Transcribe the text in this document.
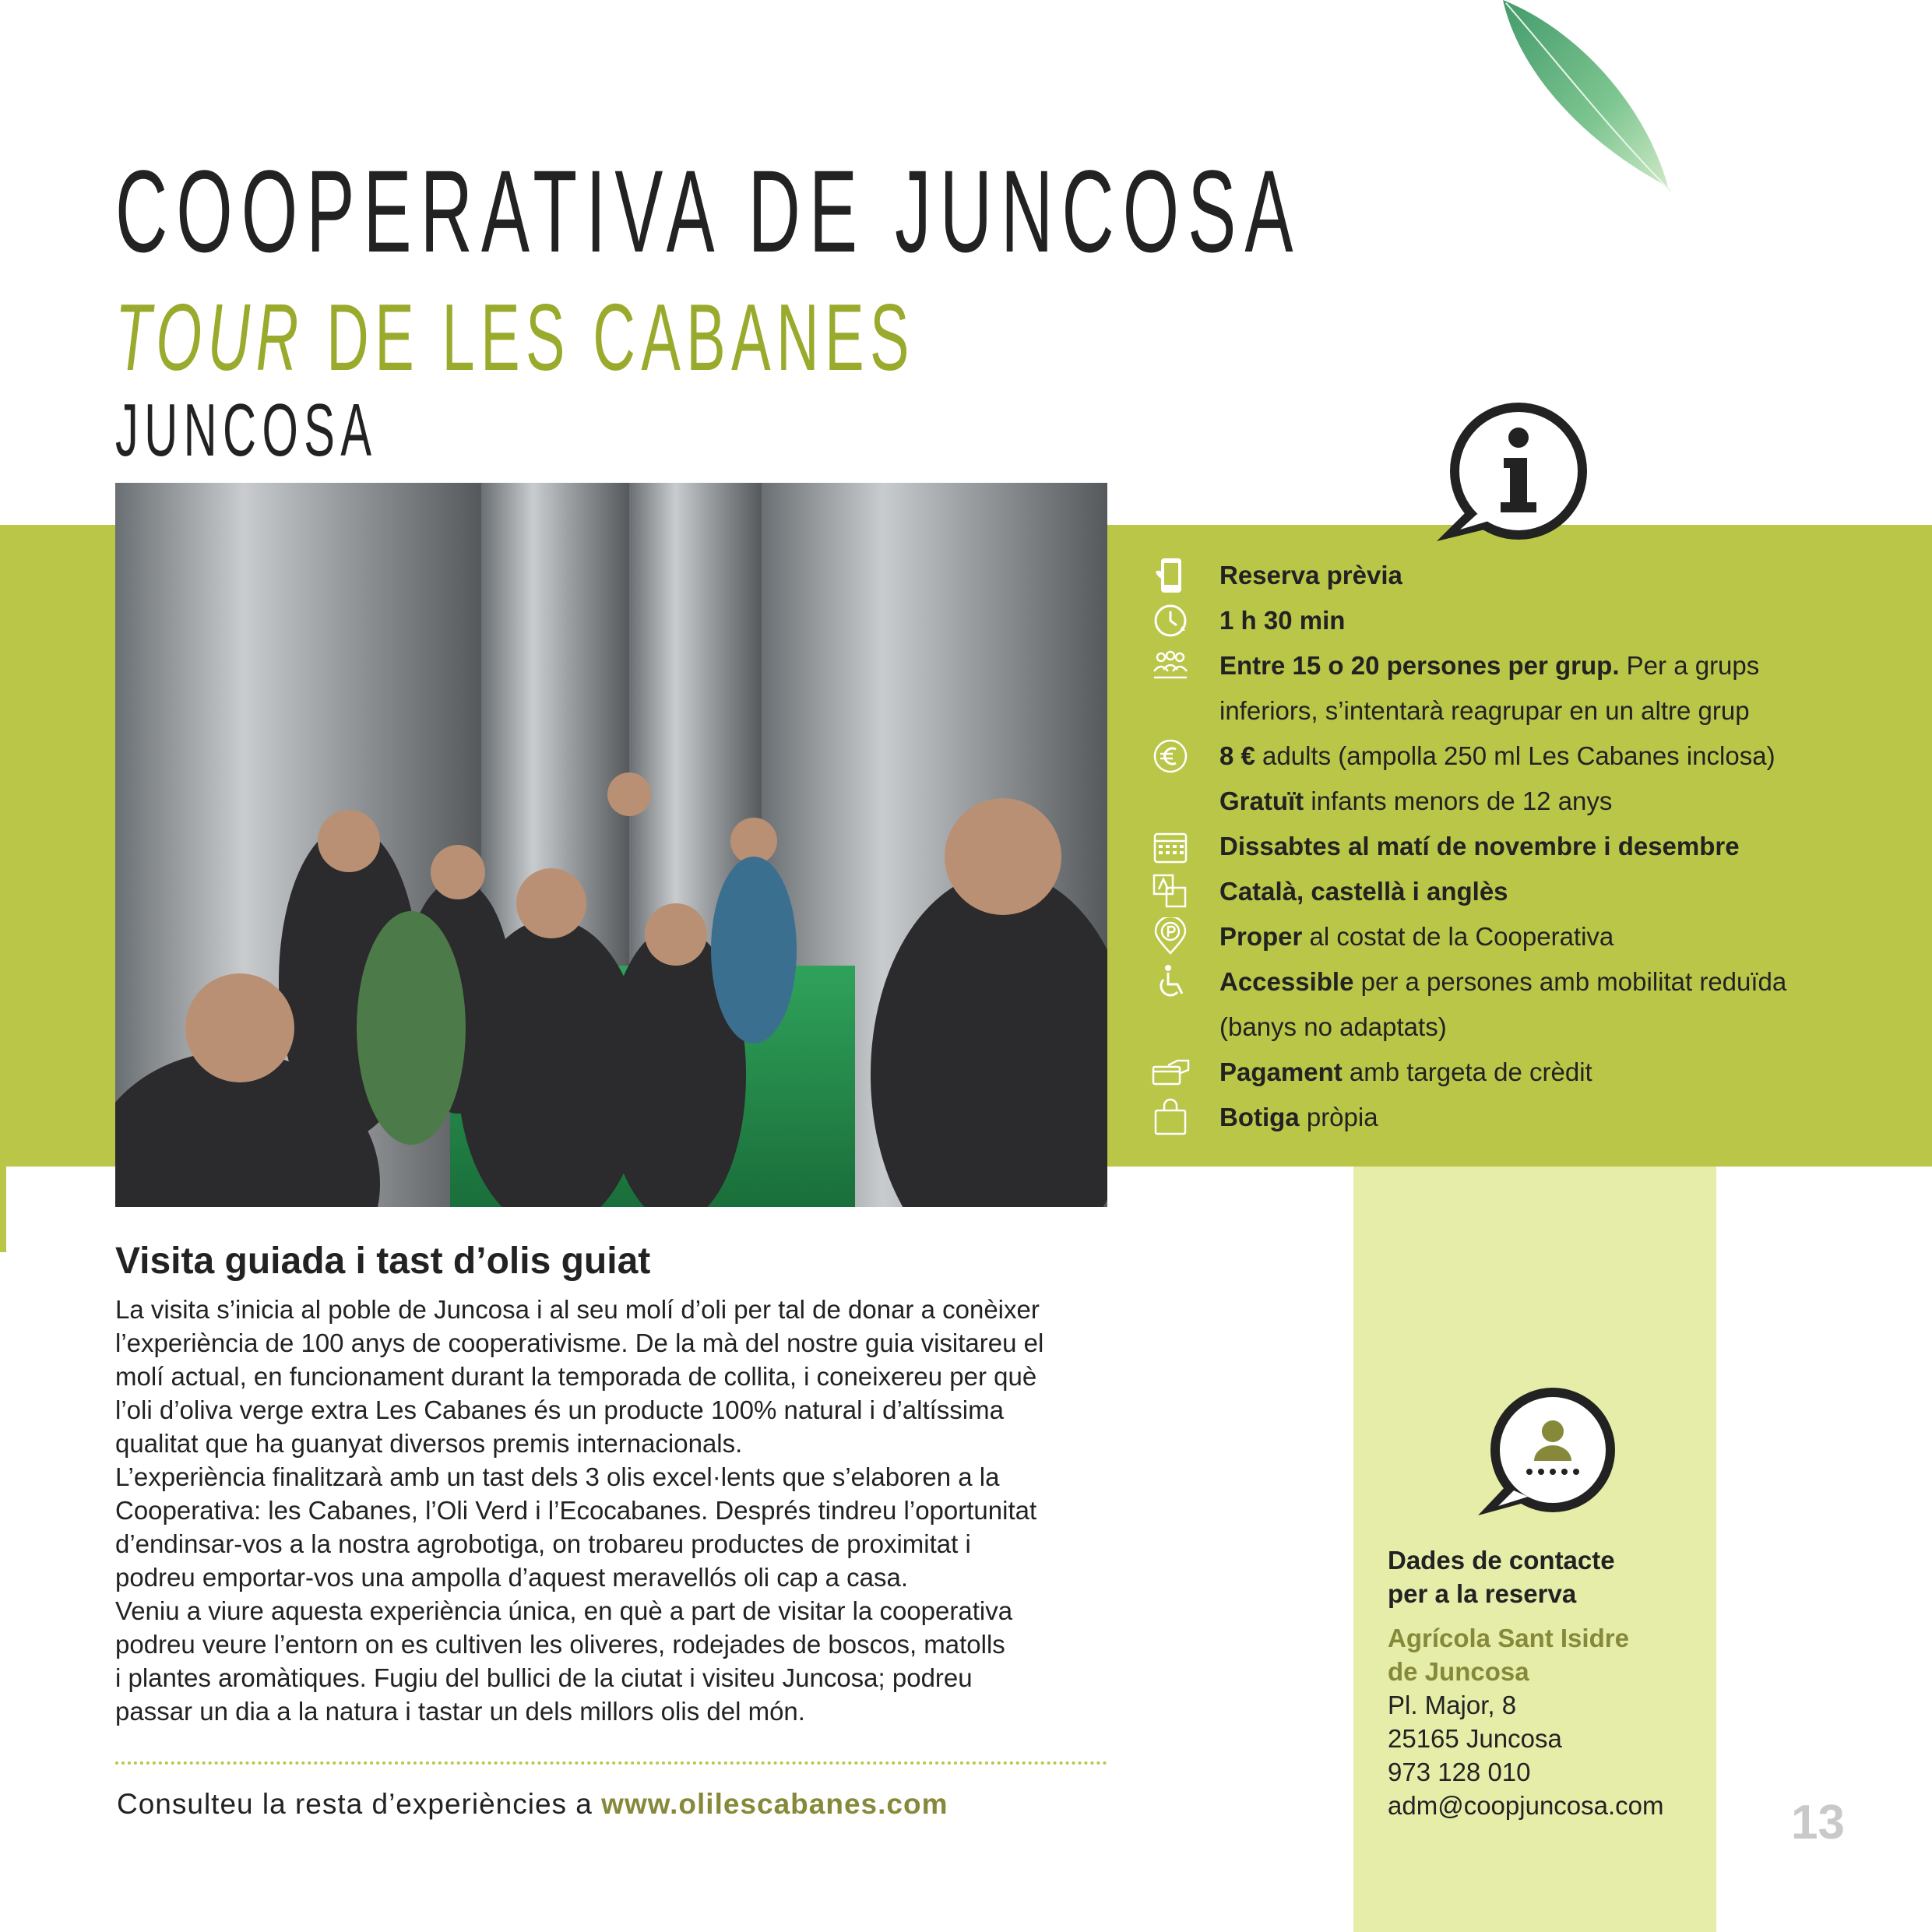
COOPERATIVA DE JUNCOSA
TOUR DE LES CABANES
JUNCOSA
Reserva prèvia
1 h 30 min
Entre 15 o 20 persones per grup. Per a grups
inferiors, s’intentarà reagrupar en un altre grup
8 € adults (ampolla 250 ml Les Cabanes inclosa)
Gratuït infants menors de 12 anys
Dissabtes al matí de novembre i desembre
Català, castellà i anglès
Proper al costat de la Cooperativa
Accessible per a persones amb mobilitat reduïda
(banys no adaptats)
Pagament amb targeta de crèdit
Botiga pròpia
Visita guiada i tast d’olis guiat

La visita s’inicia al poble de Juncosa i al seu molí d’oli per tal de donar a conèixer

l’experiència de 100 anys de cooperativisme. De la mà del nostre guia visitareu el

molí actual, en funcionament durant la temporada de collita, i coneixereu per què

l’oli d’oliva verge extra Les Cabanes és un producte 100% natural i d’altíssima

qualitat que ha guanyat diversos premis internacionals.

L’experiència finalitzarà amb un tast dels 3 olis excel·lents que s’elaboren a la

Cooperativa: les Cabanes, l’Oli Verd i l’Ecocabanes. Després tindreu l’oportunitat

d’endinsar-vos a la nostra agrobotiga, on trobareu productes de proximitat i

podreu emportar-vos una ampolla d’aquest meravellós oli cap a casa.

Veniu a viure aquesta experiència única, en què a part de visitar la cooperativa

podreu veure l’entorn on es cultiven les oliveres, rodejades de boscos, matolls

i plantes aromàtiques. Fugiu del bullici de la ciutat i visiteu Juncosa; podreu

passar un dia a la natura i tastar un dels millors olis del món.

Consulteu la resta d’experiències a www.olilescabanes.com

Dades de contacte
per a la reserva
Agrícola Sant Isidre
de Juncosa
Pl. Major, 8
25165 Juncosa
973 128 010
adm@coopjuncosa.com	13
